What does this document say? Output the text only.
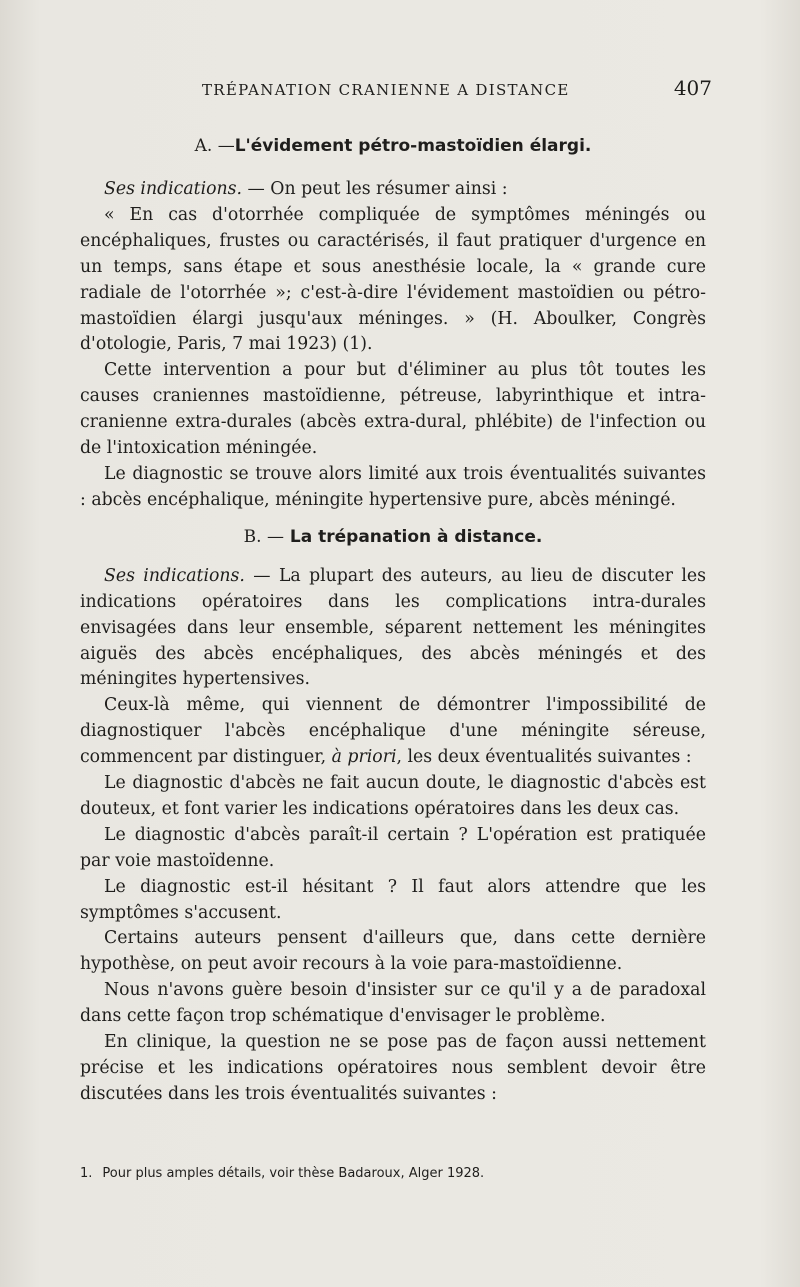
TRÉPANATION CRANIENNE A DISTANCE	407
A. —L'évidement pétro-mastoïdien élargi.

Ses indications. — On peut les résumer ainsi :

« En cas d'otorrhée compliquée de symptômes méningés ou encéphaliques, frustes ou caractérisés, il faut pratiquer d'urgence en un temps, sans étape et sous anesthésie locale, la « grande cure radiale de l'otorrhée »; c'est-à-dire l'évidement mastoïdien ou pétro-mastoïdien élargi jusqu'aux méninges. » (H. Aboulker, Congrès d'otologie, Paris, 7 mai 1923) (1).

Cette intervention a pour but d'éliminer au plus tôt toutes les causes craniennes mastoïdienne, pétreuse, labyrinthique et intra-cranienne extra-durales (abcès extra-dural, phlébite) de l'infection ou de l'intoxication méningée.

Le diagnostic se trouve alors limité aux trois éventualités suivantes : abcès encéphalique, méningite hypertensive pure, abcès méningé.

B. — La trépanation à distance.

Ses indications. — La plupart des auteurs, au lieu de discuter les indications opératoires dans les complications intra-durales envisagées dans leur ensemble, séparent nettement les méningites aiguës des abcès encéphaliques, des abcès méningés et des méningites hypertensives.

Ceux-là même, qui viennent de démontrer l'impossibilité de diagnostiquer l'abcès encéphalique d'une méningite séreuse, commencent par distinguer, à priori, les deux éventualités suivantes :

Le diagnostic d'abcès ne fait aucun doute, le diagnostic d'abcès est douteux, et font varier les indications opératoires dans les deux cas.

Le diagnostic d'abcès paraît-il certain ? L'opération est pratiquée par voie mastoïdenne.

Le diagnostic est-il hésitant ? Il faut alors attendre que les symptômes s'accusent.

Certains auteurs pensent d'ailleurs que, dans cette dernière hypothèse, on peut avoir recours à la voie para-mastoïdienne.

Nous n'avons guère besoin d'insister sur ce qu'il y a de paradoxal dans cette façon trop schématique d'envisager le problème.

En clinique, la question ne se pose pas de façon aussi nettement précise et les indications opératoires nous semblent devoir être discutées dans les trois éventualités suivantes :

1. Pour plus amples détails, voir thèse Badaroux, Alger 1928.
